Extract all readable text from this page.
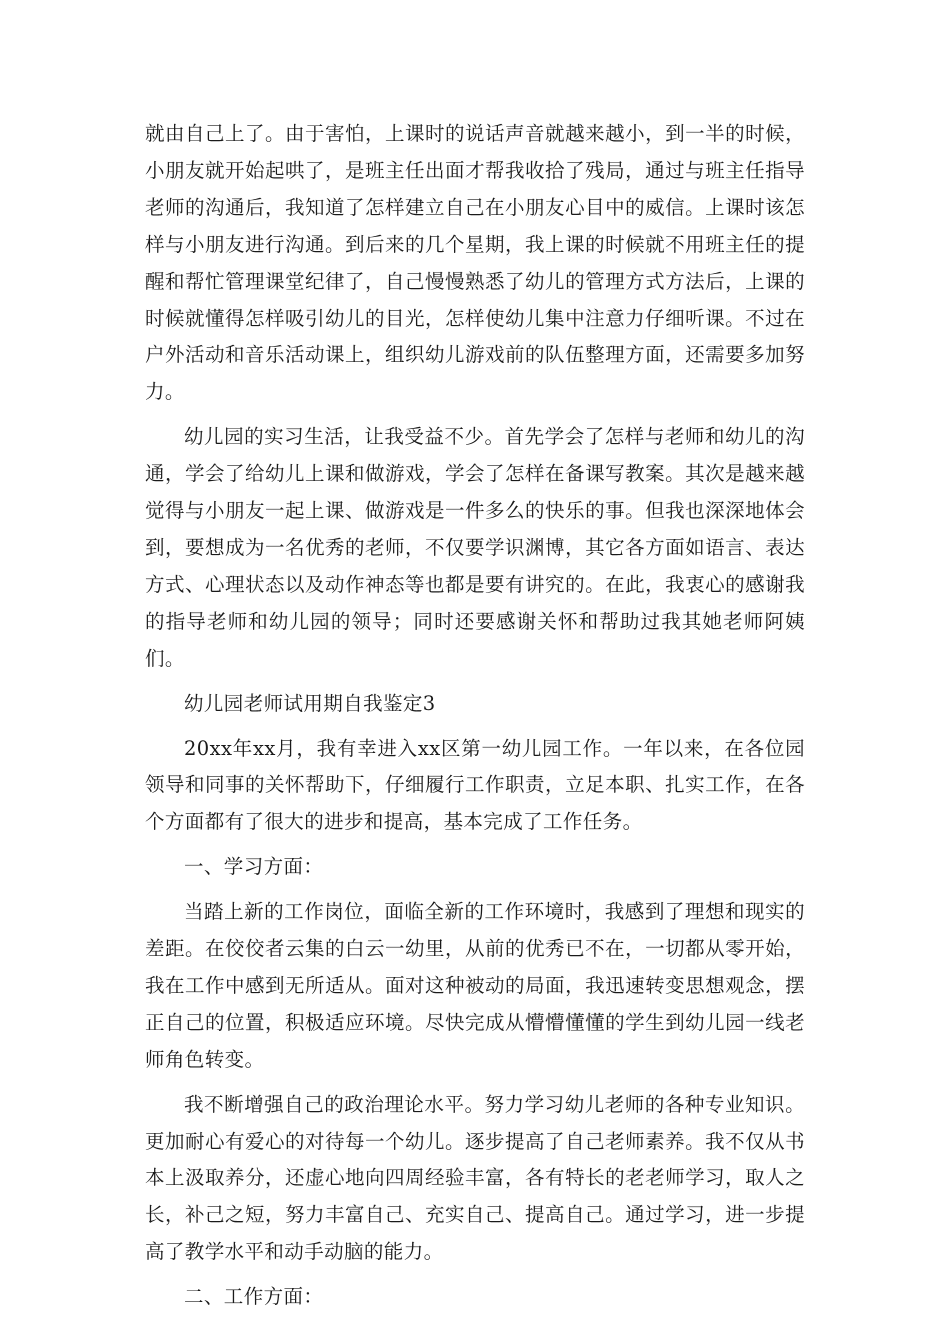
就由自己上了。由于害怕，上课时的说话声音就越来越小，到一半的时候，小朋友就开始起哄了，是班主任出面才帮我收拾了残局，通过与班主任指导老师的沟通后，我知道了怎样建立自己在小朋友心目中的威信。上课时该怎样与小朋友进行沟通。到后来的几个星期，我上课的时候就不用班主任的提醒和帮忙管理课堂纪律了，自己慢慢熟悉了幼儿的管理方式方法后，上课的时候就懂得怎样吸引幼儿的目光，怎样使幼儿集中注意力仔细听课。不过在户外活动和音乐活动课上，组织幼儿游戏前的队伍整理方面，还需要多加努力。

幼儿园的实习生活，让我受益不少。首先学会了怎样与老师和幼儿的沟通，学会了给幼儿上课和做游戏，学会了怎样在备课写教案。其次是越来越觉得与小朋友一起上课、做游戏是一件多么的快乐的事。但我也深深地体会到，要想成为一名优秀的老师，不仅要学识渊博，其它各方面如语言、表达方式、心理状态以及动作神态等也都是要有讲究的。在此，我衷心的感谢我的指导老师和幼儿园的领导；同时还要感谢关怀和帮助过我其她老师阿姨们。

幼儿园老师试用期自我鉴定3

20xx年xx月，我有幸进入xx区第一幼儿园工作。一年以来，在各位园领导和同事的关怀帮助下，仔细履行工作职责，立足本职、扎实工作，在各个方面都有了很大的进步和提高，基本完成了工作任务。

一、学习方面：

当踏上新的工作岗位，面临全新的工作环境时，我感到了理想和现实的差距。在佼佼者云集的白云一幼里，从前的优秀已不在，一切都从零开始，我在工作中感到无所适从。面对这种被动的局面，我迅速转变思想观念，摆正自己的位置，积极适应环境。尽快完成从懵懵懂懂的学生到幼儿园一线老师角色转变。

我不断增强自己的政治理论水平。努力学习幼儿老师的各种专业知识。更加耐心有爱心的对待每一个幼儿。逐步提高了自己老师素养。我不仅从书本上汲取养分，还虚心地向四周经验丰富，各有特长的老老师学习，取人之长，补己之短，努力丰富自己、充实自己、提高自己。通过学习，进一步提高了教学水平和动手动脑的能力。

二、工作方面：
